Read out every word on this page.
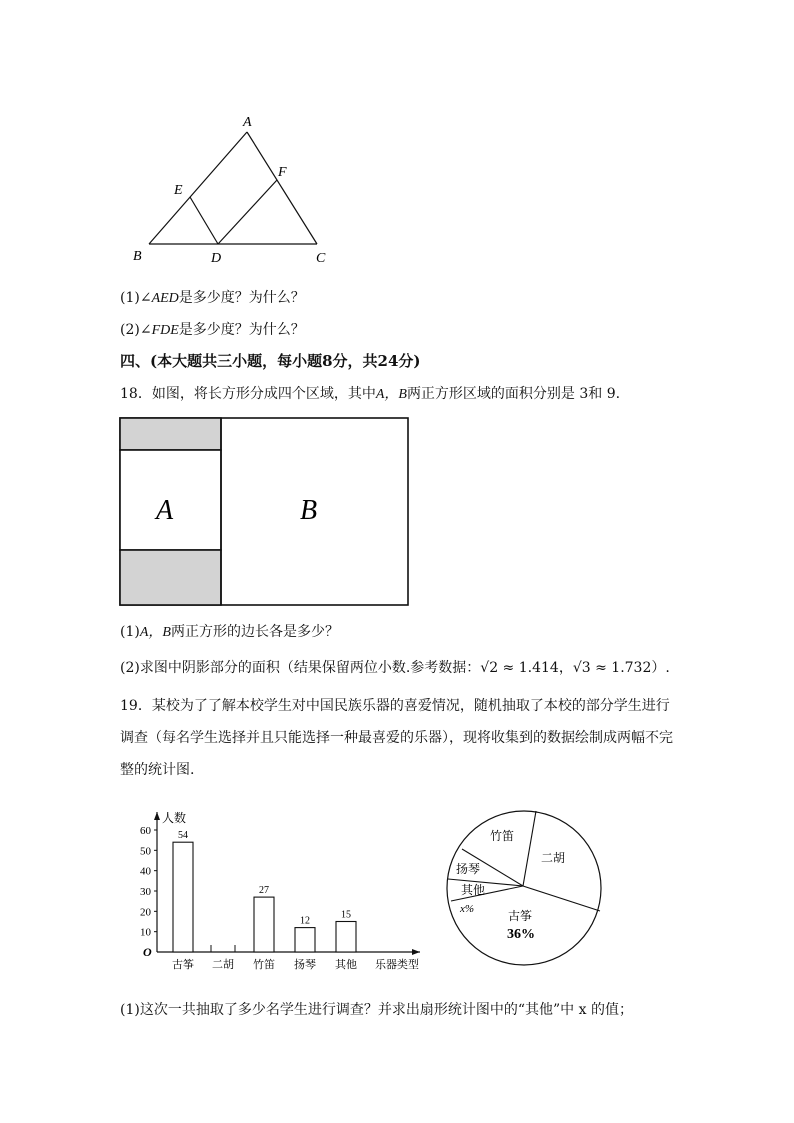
A
B	C
D
E
F
(1)∠AED是多少度？为什么？
(2)∠FDE是多少度？为什么？
四、(本大题共三小题，每小题8分，共24分)
18．如图，将长方形分成四个区域，其中A，B两正方形区域的面积分别是 3和 9.
A	B
(1)A，B两正方形的边长各是多少？
(2)求图中阴影部分的面积（结果保留两位小数.参考数据：√2 ≈ 1.414，√3 ≈ 1.732）.
19．某校为了了解本校学生对中国民族乐器的喜爱情况，随机抽取了本校的部分学生进行调查（每名学生选择并且只能选择一种最喜爱的乐器），现将收集到的数据绘制成两幅不完整的统计图.
人数
乐器类型
O
10
20
30
40
50
60
古筝
54
二胡 竹笛
27
扬琴
12
其他
15	古筝
36%
二胡
竹笛
扬琴
其他
x%
(1)这次一共抽取了多少名学生进行调查？并求出扇形统计图中的“其他”中 x 的值；
